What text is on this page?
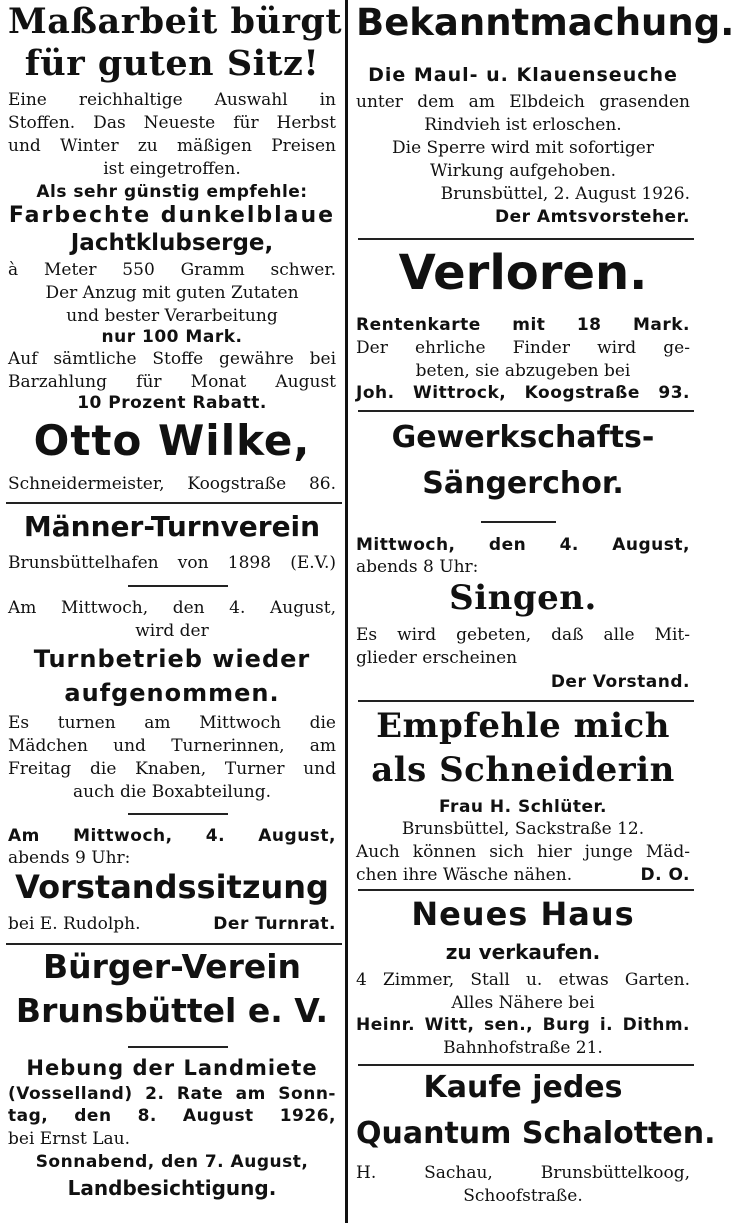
Maßarbeit bürgt
für guten Sitz!
Eine reichhaltige Auswahl in
Stoffen. Das Neueste für Herbst
und Winter zu mäßigen Preisen
ist eingetroffen.
Als sehr günstig empfehle:
Farbechte dunkelblaue
Jachtklubserge,
à Meter 550 Gramm schwer.
Der Anzug mit guten Zutaten
und bester Verarbeitung
nur 100 Mark.
Auf sämtliche Stoffe gewähre bei
Barzahlung für Monat August
10 Prozent Rabatt.
Otto Wilke,
Schneidermeister, Koogstraße 86.
Männer-Turnverein
Brunsbüttelhafen von 1898 (E.V.)
Am Mittwoch, den 4. August,
wird der
Turnbetrieb wieder
aufgenommen.
Es turnen am Mittwoch die
Mädchen und Turnerinnen, am
Freitag die Knaben, Turner und
auch die Boxabteilung.
Am Mittwoch, 4. August,
abends 9 Uhr:
Vorstandssitzung
bei E. Rudolph.	Der Turnrat.
Bürger-Verein
Brunsbüttel e. V.
Hebung der Landmiete
(Vosselland) 2. Rate am Sonn-
tag, den 8. August 1926,
bei Ernst Lau.
Sonnabend, den 7. August,
Landbesichtigung.
Bekanntmachung.
Die Maul- u. Klauenseuche
unter dem am Elbdeich grasenden
Rindvieh ist erloschen.
Die Sperre wird mit sofortiger
Wirkung aufgehoben.
Brunsbüttel, 2. August 1926.
Der Amtsvorsteher.
Verloren.
Rentenkarte mit 18 Mark.
Der ehrliche Finder wird ge-
beten, sie abzugeben bei
Joh. Wittrock, Koogstraße 93.
Gewerkschafts-
Sängerchor.
Mittwoch, den 4. August,
abends 8 Uhr:
Singen.
Es wird gebeten, daß alle Mit-
glieder erscheinen
Der Vorstand.
Empfehle mich
als Schneiderin
Frau H. Schlüter.
Brunsbüttel, Sackstraße 12.
Auch können sich hier junge Mäd-
chen ihre Wäsche nähen.	D. O.
Neues Haus
zu verkaufen.
4 Zimmer, Stall u. etwas Garten.
Alles Nähere bei
Heinr. Witt, sen., Burg i. Dithm.
Bahnhofstraße 21.
Kaufe jedes
Quantum Schalotten.
H. Sachau, Brunsbüttelkoog,
Schoofstraße.
